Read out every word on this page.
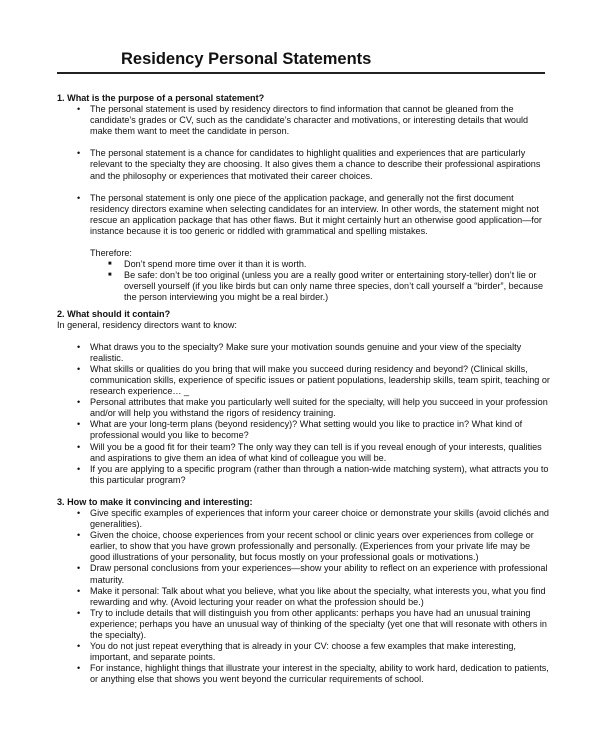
Residency Personal Statements

1. What is the purpose of a personal statement?

• The personal statement is used by residency directors to find information that cannot be gleaned from the candidate’s grades or CV, such as the candidate’s character and motivations, or interesting details that would make them want to meet the candidate in person.
• The personal statement is a chance for candidates to highlight qualities and experiences that are particularly relevant to the specialty they are choosing. It also gives them a chance to describe their professional aspirations and the philosophy or experiences that motivated their career choices.
• The personal statement is only one piece of the application package, and generally not the first document residency directors examine when selecting candidates for an interview. In other words, the statement might not rescue an application package that has other flaws. But it might certainly hurt an otherwise good application—for instance because it is too generic or riddled with grammatical and spelling mistakes.

Therefore:

■ Don’t spend more time over it than it is worth.
■ Be safe: don’t be too original (unless you are a really good writer or entertaining story-teller) don’t lie or oversell yourself (if you like birds but can only name three species, don’t call yourself a “birder”, because the person interviewing you might be a real birder.)

2. What should it contain?

In general, residency directors want to know:

• What draws you to the specialty? Make sure your motivation sounds genuine and your view of the specialty realistic.
• What skills or qualities do you bring that will make you succeed during residency and beyond? (Clinical skills, communication skills, experience of specific issues or patient populations, leadership skills, team spirit, teaching or research experience… _
• Personal attributes that make you particularly well suited for the specialty, will help you succeed in your profession and/or will help you withstand the rigors of residency training.
• What are your long-term plans (beyond residency)? What setting would you like to practice in? What kind of professional would you like to become?
• Will you be a good fit for their team? The only way they can tell is if you reveal enough of your interests, qualities and aspirations to give them an idea of what kind of colleague you will be.
• If you are applying to a specific program (rather than through a nation-wide matching system), what attracts you to this particular program?

3. How to make it convincing and interesting:

• Give specific examples of experiences that inform your career choice or demonstrate your skills (avoid clichés and generalities).
• Given the choice, choose experiences from your recent school or clinic years over experiences from college or earlier, to show that you have grown professionally and personally. (Experiences from your private life may be good illustrations of your personality, but focus mostly on your professional goals or motivations.)
• Draw personal conclusions from your experiences—show your ability to reflect on an experience with professional maturity.
• Make it personal: Talk about what you believe, what you like about the specialty, what interests you, what you find rewarding and why. (Avoid lecturing your reader on what the profession should be.)
• Try to include details that will distinguish you from other applicants: perhaps you have had an unusual training experience; perhaps you have an unusual way of thinking of the specialty (yet one that will resonate with others in the specialty).
• You do not just repeat everything that is already in your CV: choose a few examples that make interesting, important, and separate points.
• For instance, highlight things that illustrate your interest in the specialty, ability to work hard, dedication to patients, or anything else that shows you went beyond the curricular requirements of school.
